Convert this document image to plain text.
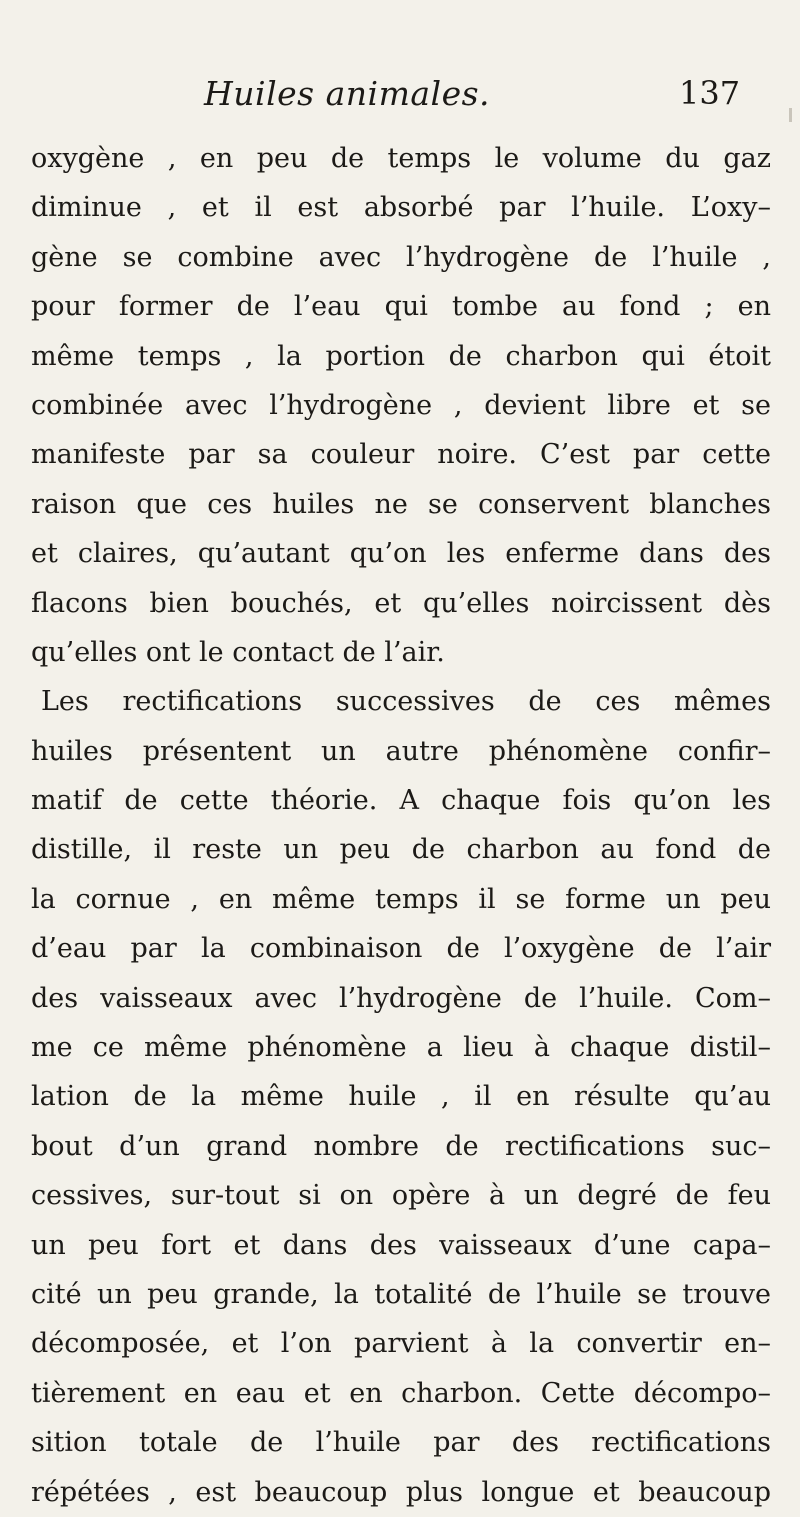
Huiles animales.	137
oxygène , en peu de temps le volume du gaz
diminue , et il est absorbé par l’huile. L’oxy–
gène se combine avec l’hydrogène de l’huile ,
pour former de l’eau qui tombe au fond ; en
même temps , la portion de charbon qui étoit
combinée avec l’hydrogène , devient libre et se
manifeste par sa couleur noire. C’est par cette
raison que ces huiles ne se conservent blanches
et claires, qu’autant qu’on les enferme dans des
flacons bien bouchés, et qu’elles noircissent dès
qu’elles ont le contact de l’air.
Les rectifications successives de ces mêmes
huiles présentent un autre phénomène confir–
matif de cette théorie. A chaque fois qu’on les
distille, il reste un peu de charbon au fond de
la cornue , en même temps il se forme un peu
d’eau par la combinaison de l’oxygène de l’air
des vaisseaux avec l’hydrogène de l’huile. Com–
me ce même phénomène a lieu à chaque distil–
lation de la même huile , il en résulte qu’au
bout d’un grand nombre de rectifications suc–
cessives, sur-tout si on opère à un degré de feu
un peu fort et dans des vaisseaux d’une capa–
cité un peu grande, la totalité de l’huile se trouve
décomposée, et l’on parvient à la convertir en–
tièrement en eau et en charbon. Cette décompo–
sition totale de l’huile par des rectifications
répétées , est beaucoup plus longue et beaucoup
